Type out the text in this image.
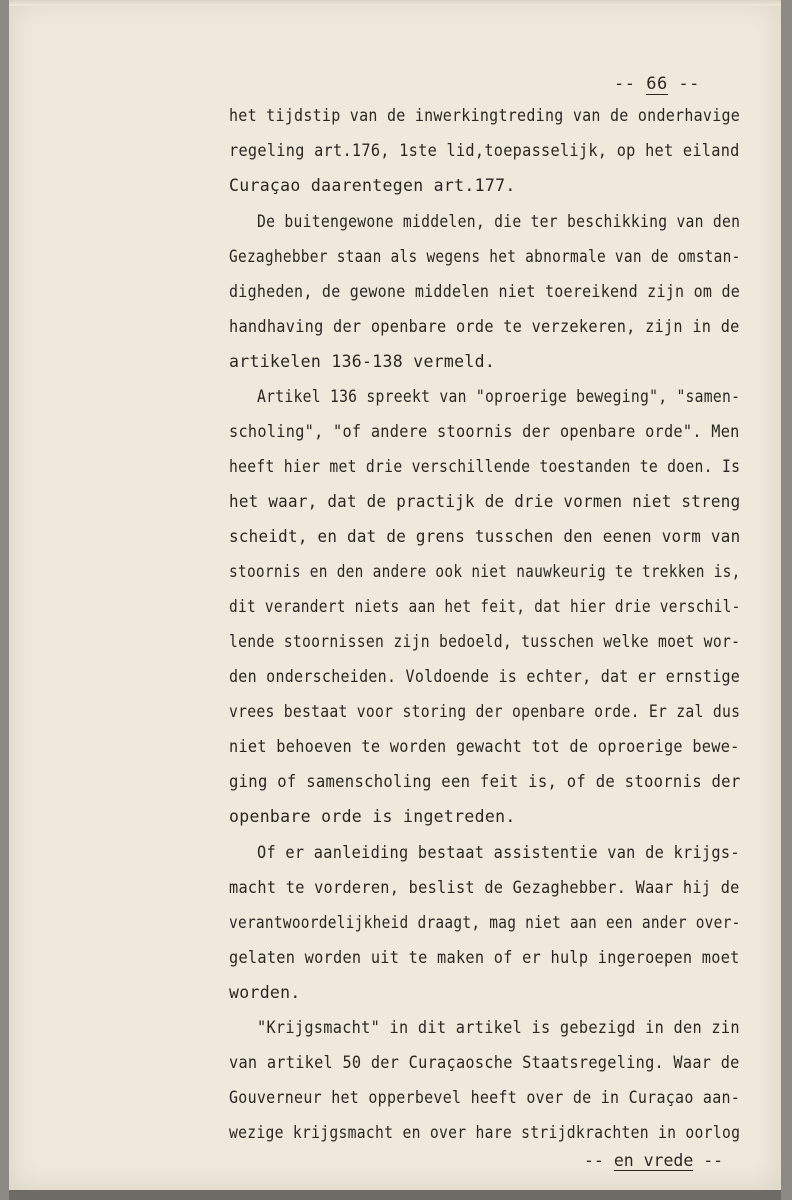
-- 66 --
het tijdstip van de inwerkingtreding van de onderhavige
regeling art.176, 1ste lid,toepasselijk, op het eiland
Curaçao daarentegen art.177.
De buitengewone middelen, die ter beschikking van den
Gezaghebber staan als wegens het abnormale van de omstan-
digheden, de gewone middelen niet toereikend zijn om de
handhaving der openbare orde te verzekeren, zijn in de
artikelen 136-138 vermeld.
Artikel 136 spreekt van "oproerige beweging", "samen-
scholing", "of andere stoornis der openbare orde". Men
heeft hier met drie verschillende toestanden te doen. Is
het waar, dat de practijk de drie vormen niet streng
scheidt, en dat de grens tusschen den eenen vorm van
stoornis en den andere ook niet nauwkeurig te trekken is,
dit verandert niets aan het feit, dat hier drie verschil-
lende stoornissen zijn bedoeld, tusschen welke moet wor-
den onderscheiden. Voldoende is echter, dat er ernstige
vrees bestaat voor storing der openbare orde. Er zal dus
niet behoeven te worden gewacht tot de oproerige bewe-
ging of samenscholing een feit is, of de stoornis der
openbare orde is ingetreden.
Of er aanleiding bestaat assistentie van de krijgs-
macht te vorderen, beslist de Gezaghebber. Waar hij de
verantwoordelijkheid draagt, mag niet aan een ander over-
gelaten worden uit te maken of er hulp ingeroepen moet
worden.
"Krijgsmacht" in dit artikel is gebezigd in den zin
van artikel 50 der Curaçaosche Staatsregeling. Waar de
Gouverneur het opperbevel heeft over de in Curaçao aan-
wezige krijgsmacht en over hare strijdkrachten in oorlog
-- en vrede --
